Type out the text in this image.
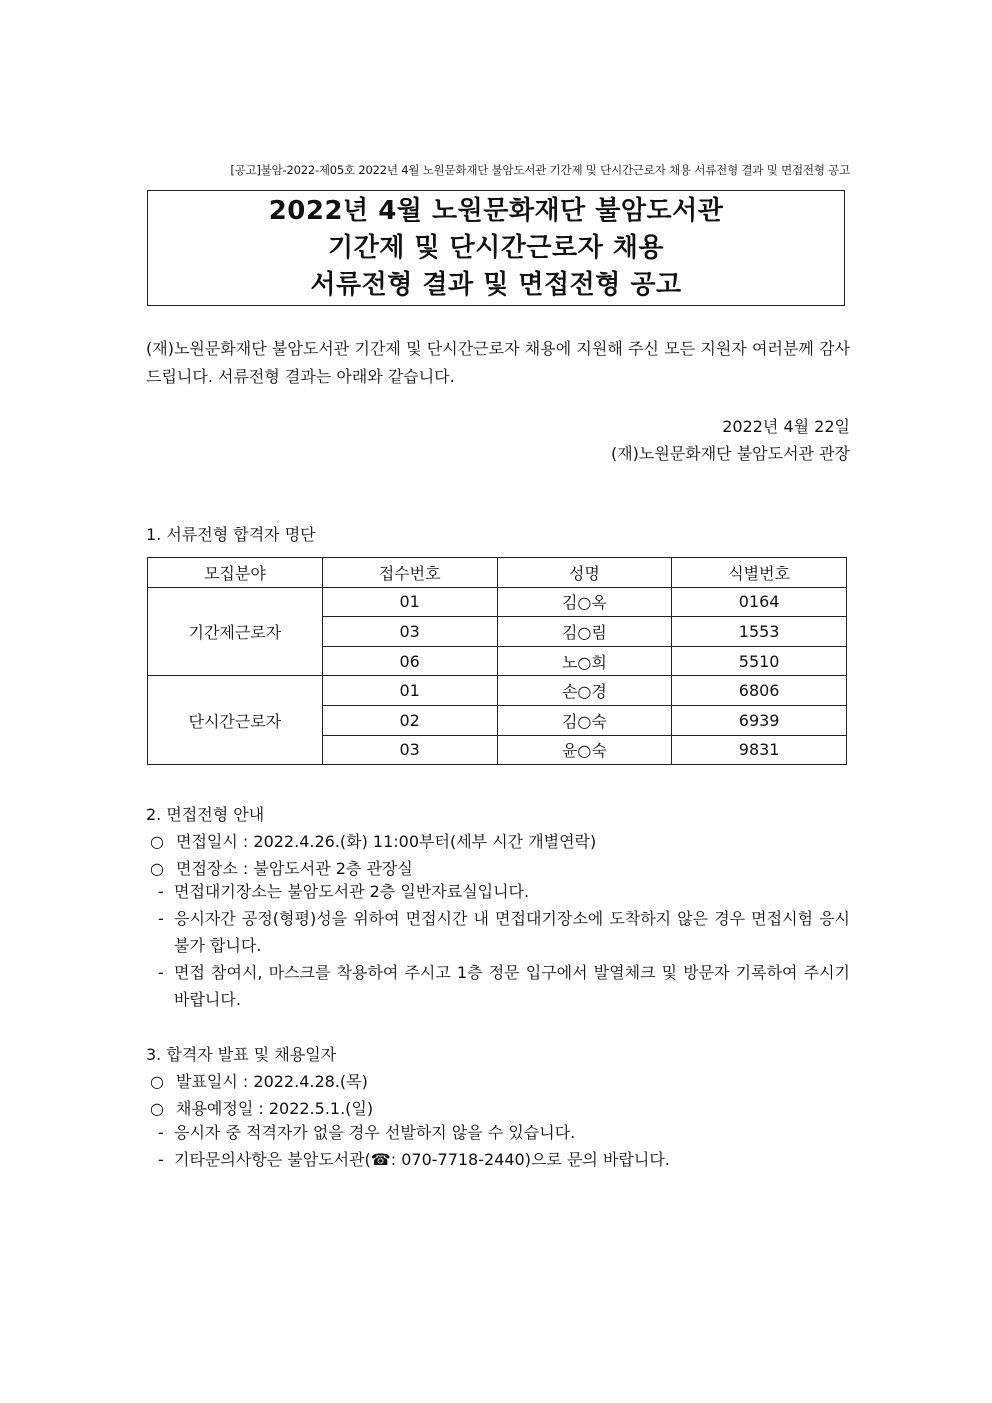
[공고]불암-2022-제05호 2022년 4월 노원문화재단 불암도서관 기간제 및 단시간근로자 채용 서류전형 결과 및 면접전형 공고
2022년 4월 노원문화재단 불암도서관
기간제 및 단시간근로자 채용
서류전형 결과 및 면접전형 공고
(재)노원문화재단 불암도서관 기간제 및 단시간근로자 채용에 지원해 주신 모든 지원자 여러분께 감사드립니다. 서류전형 결과는 아래와 같습니다.
2022년 4월 22일
(재)노원문화재단 불암도서관 관장
1. 서류전형 합격자 명단
모집분야	접수번호	성명	식별번호
기간제근로자	01	김○옥	0164
	03	김○림	1553
	06	노○희	5510
단시간근로자	01	손○경	6806
	02	김○숙	6939
	03	윤○숙	9831
2. 면접전형 안내
○ 면접일시 : 2022.4.26.(화) 11:00부터(세부 시간 개별연락)
○ 면접장소 : 불암도서관 2층 관장실
- 면접대기장소는 불암도서관 2층 일반자료실입니다.
- 응시자간 공정(형평)성을 위하여 면접시간 내 면접대기장소에 도착하지 않은 경우 면접시험 응시 불가 합니다.
- 면접 참여시, 마스크를 착용하여 주시고 1층 정문 입구에서 발열체크 및 방문자 기록하여 주시기 바랍니다.
3. 합격자 발표 및 채용일자
○ 발표일시 : 2022.4.28.(목)
○ 채용예정일 : 2022.5.1.(일)
- 응시자 중 적격자가 없을 경우 선발하지 않을 수 있습니다.
- 기타문의사항은 불암도서관(☎: 070-7718-2440)으로 문의 바랍니다.
